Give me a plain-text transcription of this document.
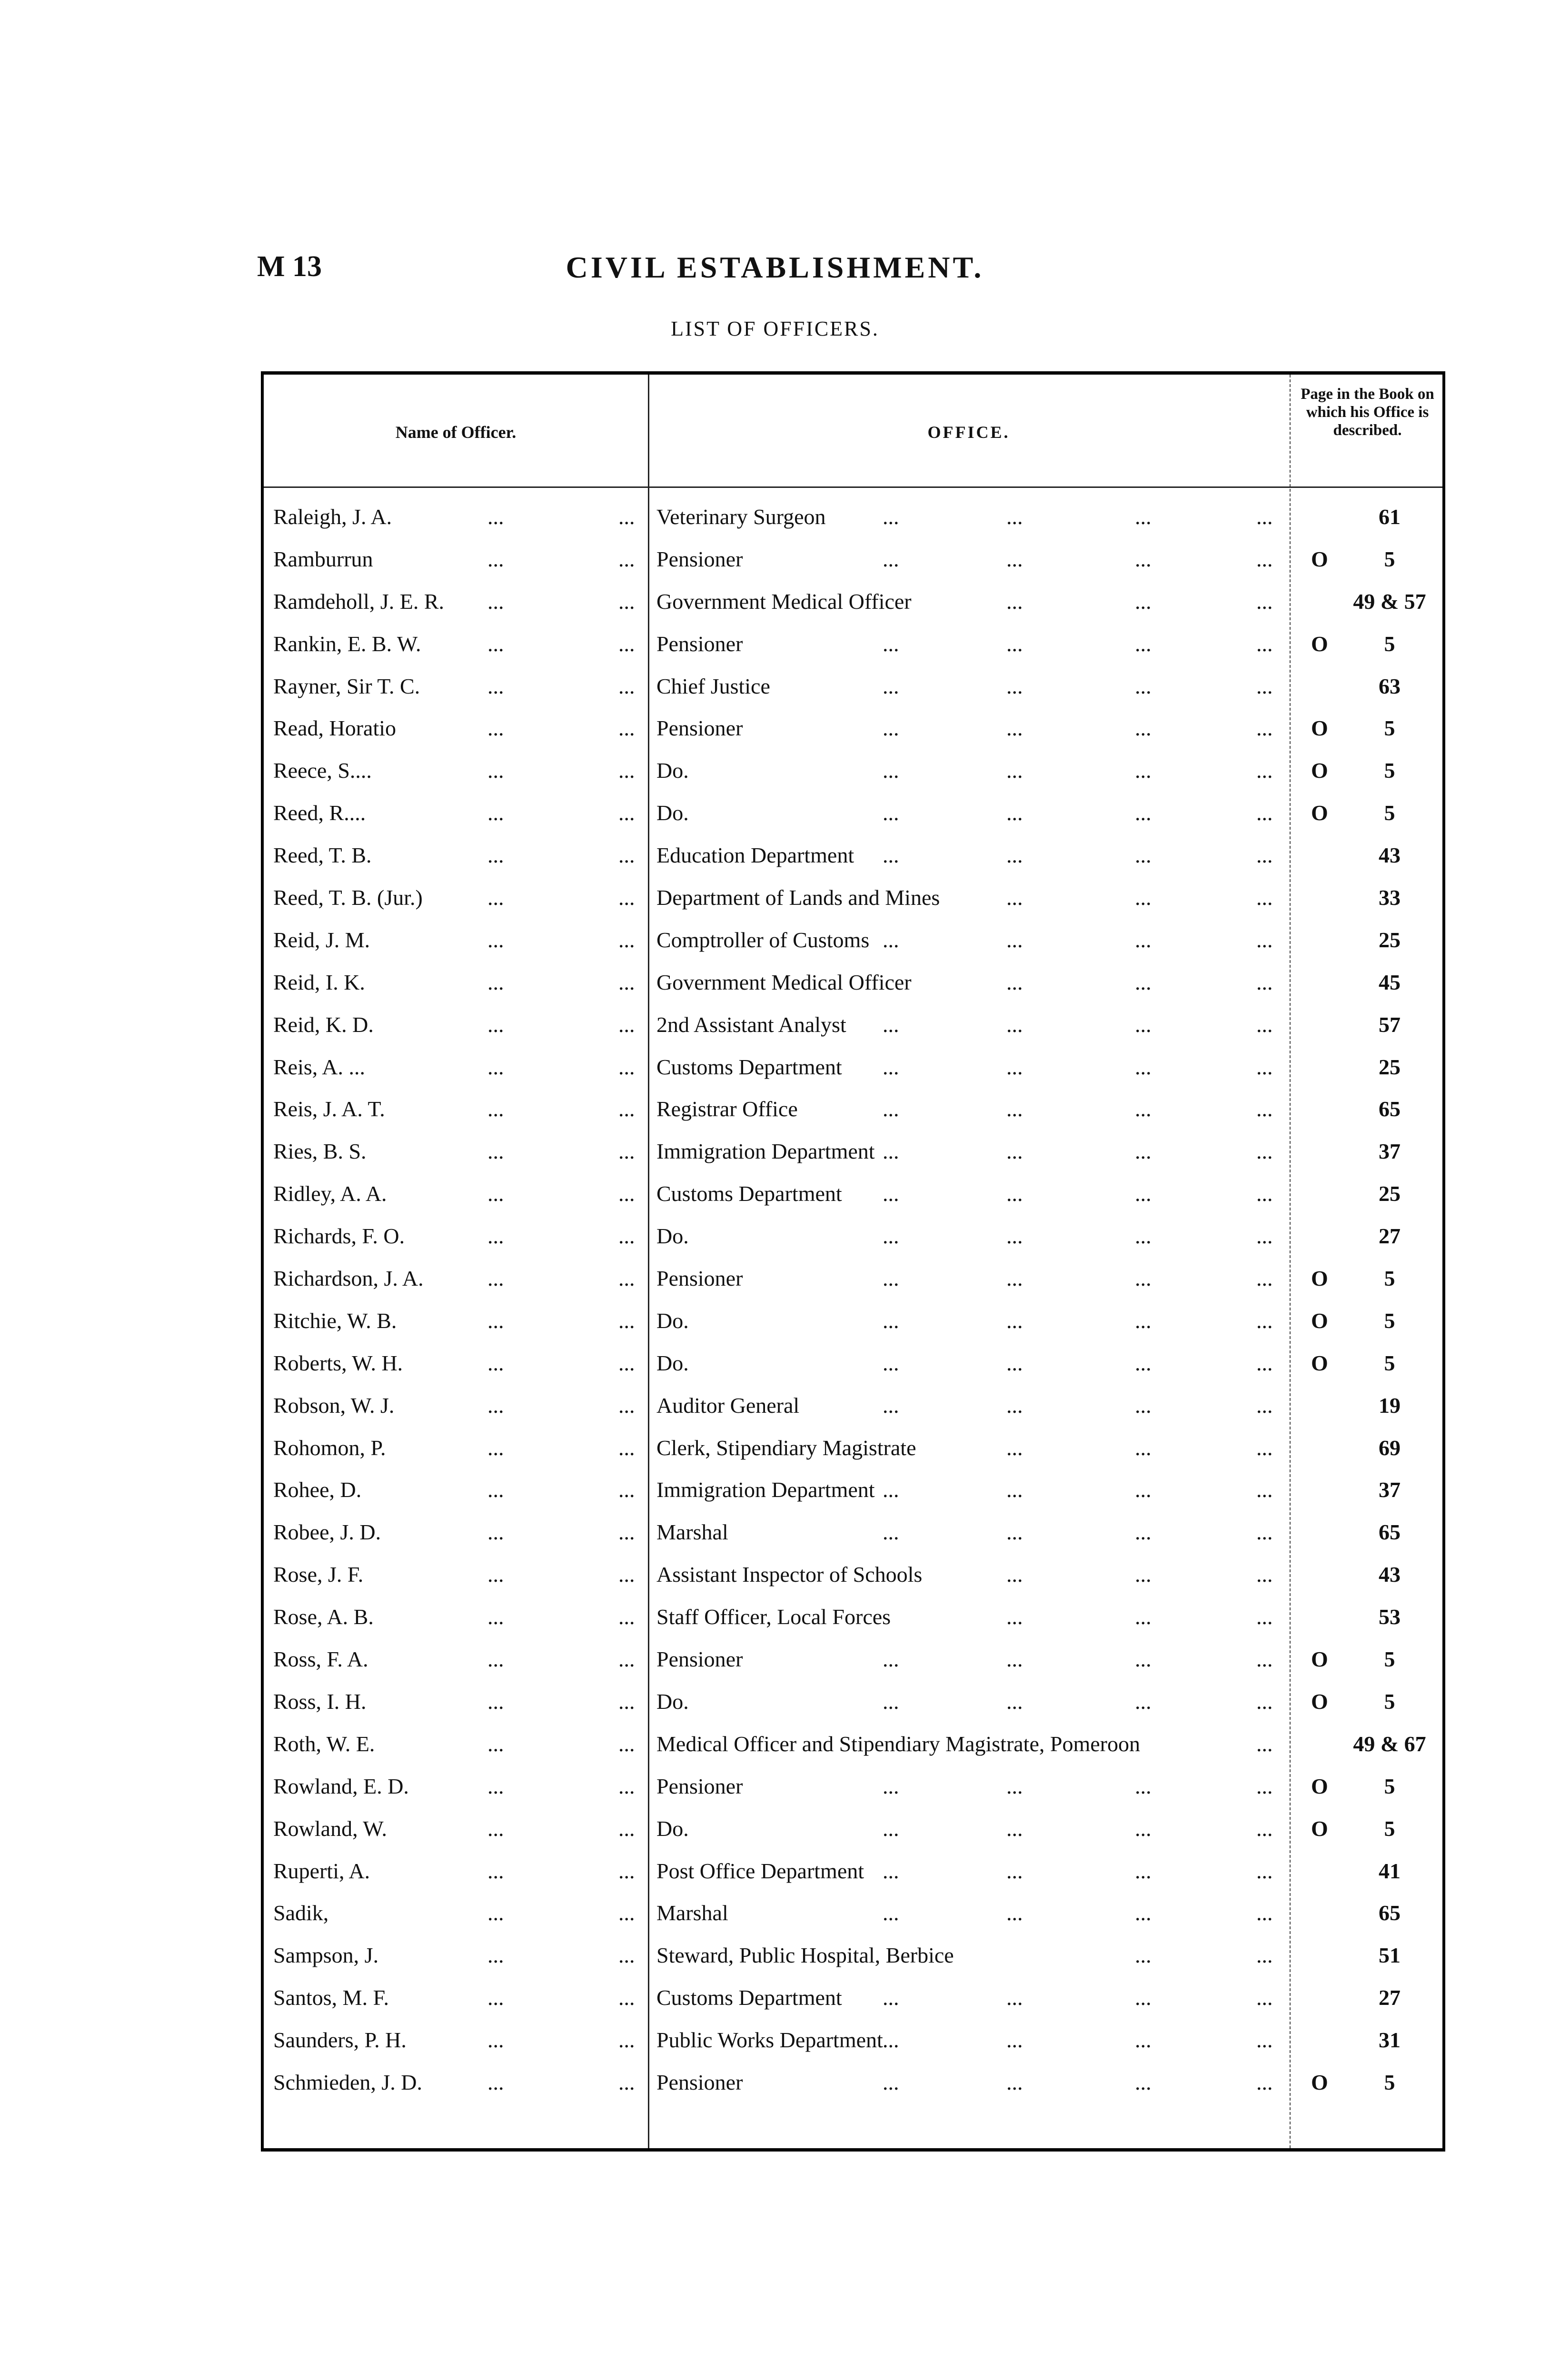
M 13	CIVIL ESTABLISHMENT.
LIST OF OFFICERS.
Name of Officer.	OFFICE.
Page in the Book on which his Office is described.
Raleigh, J. A.	...	... Veterinary Surgeon	...	...	...	...	61
Ramburrun	...	... Pensioner	...	...	...	... O	5
Ramdeholl, J. E. R. ...	... Government Medical Officer	...	...	...	49 & 57
Rankin, E. B. W.	...	... Pensioner	...	...	...	... O	5
Rayner, Sir T. C.	...	... Chief Justice	...	...	...	...	63
Read, Horatio	...	... Pensioner	...	...	...	... O	5
Reece, S....	...	... Do.	...	...	...	... O	5
Reed, R....	...	... Do.	...	...	...	... O	5
Reed, T. B.	...	... Education Department ...	...	...	...	43
Reed, T. B. (Jur.)	...	... Department of Lands and Mines	...	...	...	33
Reid, J. M.	...	... Comptroller of Customs ...	...	...	...	25
Reid, I. K.	...	... Government Medical Officer	...	...	...	45
Reid, K. D.	...	... 2nd Assistant Analyst ...	...	...	...	57
Reis, A. ...	...	... Customs Department ...	...	...	...	25
Reis, J. A. T.	...	... Registrar Office	...	...	...	...	65
Ries, B. S.	...	... Immigration Department ...	...	...	...	37
Ridley, A. A.	...	... Customs Department ...	...	...	...	25
Richards, F. O.	...	... Do.	...	...	...	...	27
Richardson, J. A.	...	... Pensioner	...	...	...	... O	5
Ritchie, W. B.	...	... Do.	...	...	...	... O	5
Roberts, W. H.	...	... Do.	...	...	...	... O	5
Robson, W. J.	...	... Auditor General	...	...	...	...	19
Rohomon, P.	...	... Clerk, Stipendiary Magistrate	...	...	...	69
Rohee, D.	...	... Immigration Department ...	...	...	...	37
Robee, J. D.	...	... Marshal	...	...	...	...	65
Rose, J. F.	...	... Assistant Inspector of Schools	...	...	...	43
Rose, A. B.	...	... Staff Officer, Local Forces	...	...	...	53
Ross, F. A.	...	... Pensioner	...	...	...	... O	5
Ross, I. H.	...	... Do.	...	...	...	... O	5
Roth, W. E.	...	... Medical Officer and Stipendiary Magistrate, Pomeroon	...	49 & 67
Rowland, E. D.	...	... Pensioner	...	...	...	... O	5
Rowland, W.	...	... Do.	...	...	...	... O	5
Ruperti, A.	...	... Post Office Department ...	...	...	...	41
Sadik,	...	... Marshal	...	...	...	...	65
Sampson, J.	...	... Steward, Public Hospital, Berbice	...	...	51
Santos, M. F.	...	... Customs Department ...	...	...	...	27
Saunders, P. H.	...	... Public Works Department ...	...	...	...	31
Schmieden, J. D.	...	... Pensioner	...	...	...	... O	5
